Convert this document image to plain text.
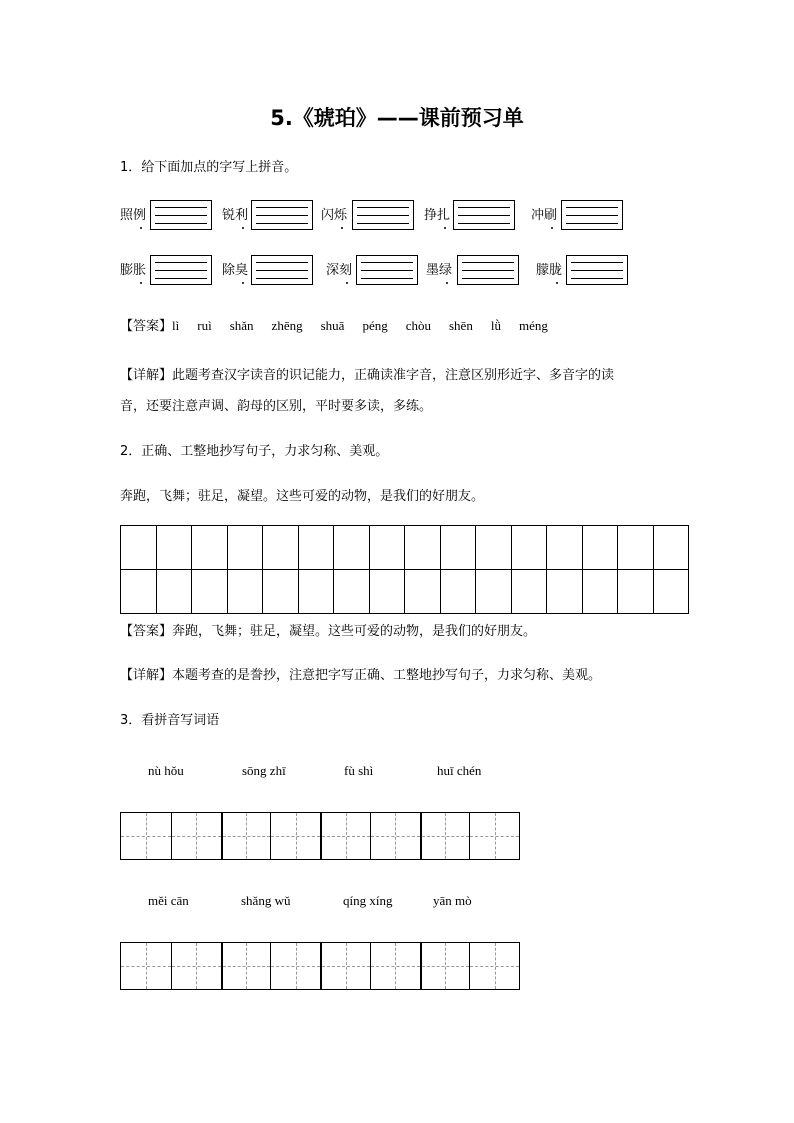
5.《琥珀》——课前预习单
1．给下面加点的字写上拼音。
照例	锐利	闪烁	挣扎	冲刷
膨胀	除臭	深刻	墨绿	朦胧
【答案】lì ruì shǎn zhēng shuā péng chòu shēn lǜ méng
【详解】此题考查汉字读音的识记能力，正确读准字音，注意区别形近字、多音字的读
音，还要注意声调、韵母的区别，平时要多读，多练。
2．正确、工整地抄写句子，力求匀称、美观。
奔跑，飞舞；驻足，凝望。这些可爱的动物，是我们的好朋友。

【答案】奔跑，飞舞；驻足，凝望。这些可爱的动物，是我们的好朋友。
【详解】本题考查的是誊抄，注意把字写正确、工整地抄写句子，力求匀称、美观。
3．看拼音写词语
nù hǒu	sōng zhī	fù shì	huī chén
měi cān	shǎng wǔ	qíng xíng	yān mò
